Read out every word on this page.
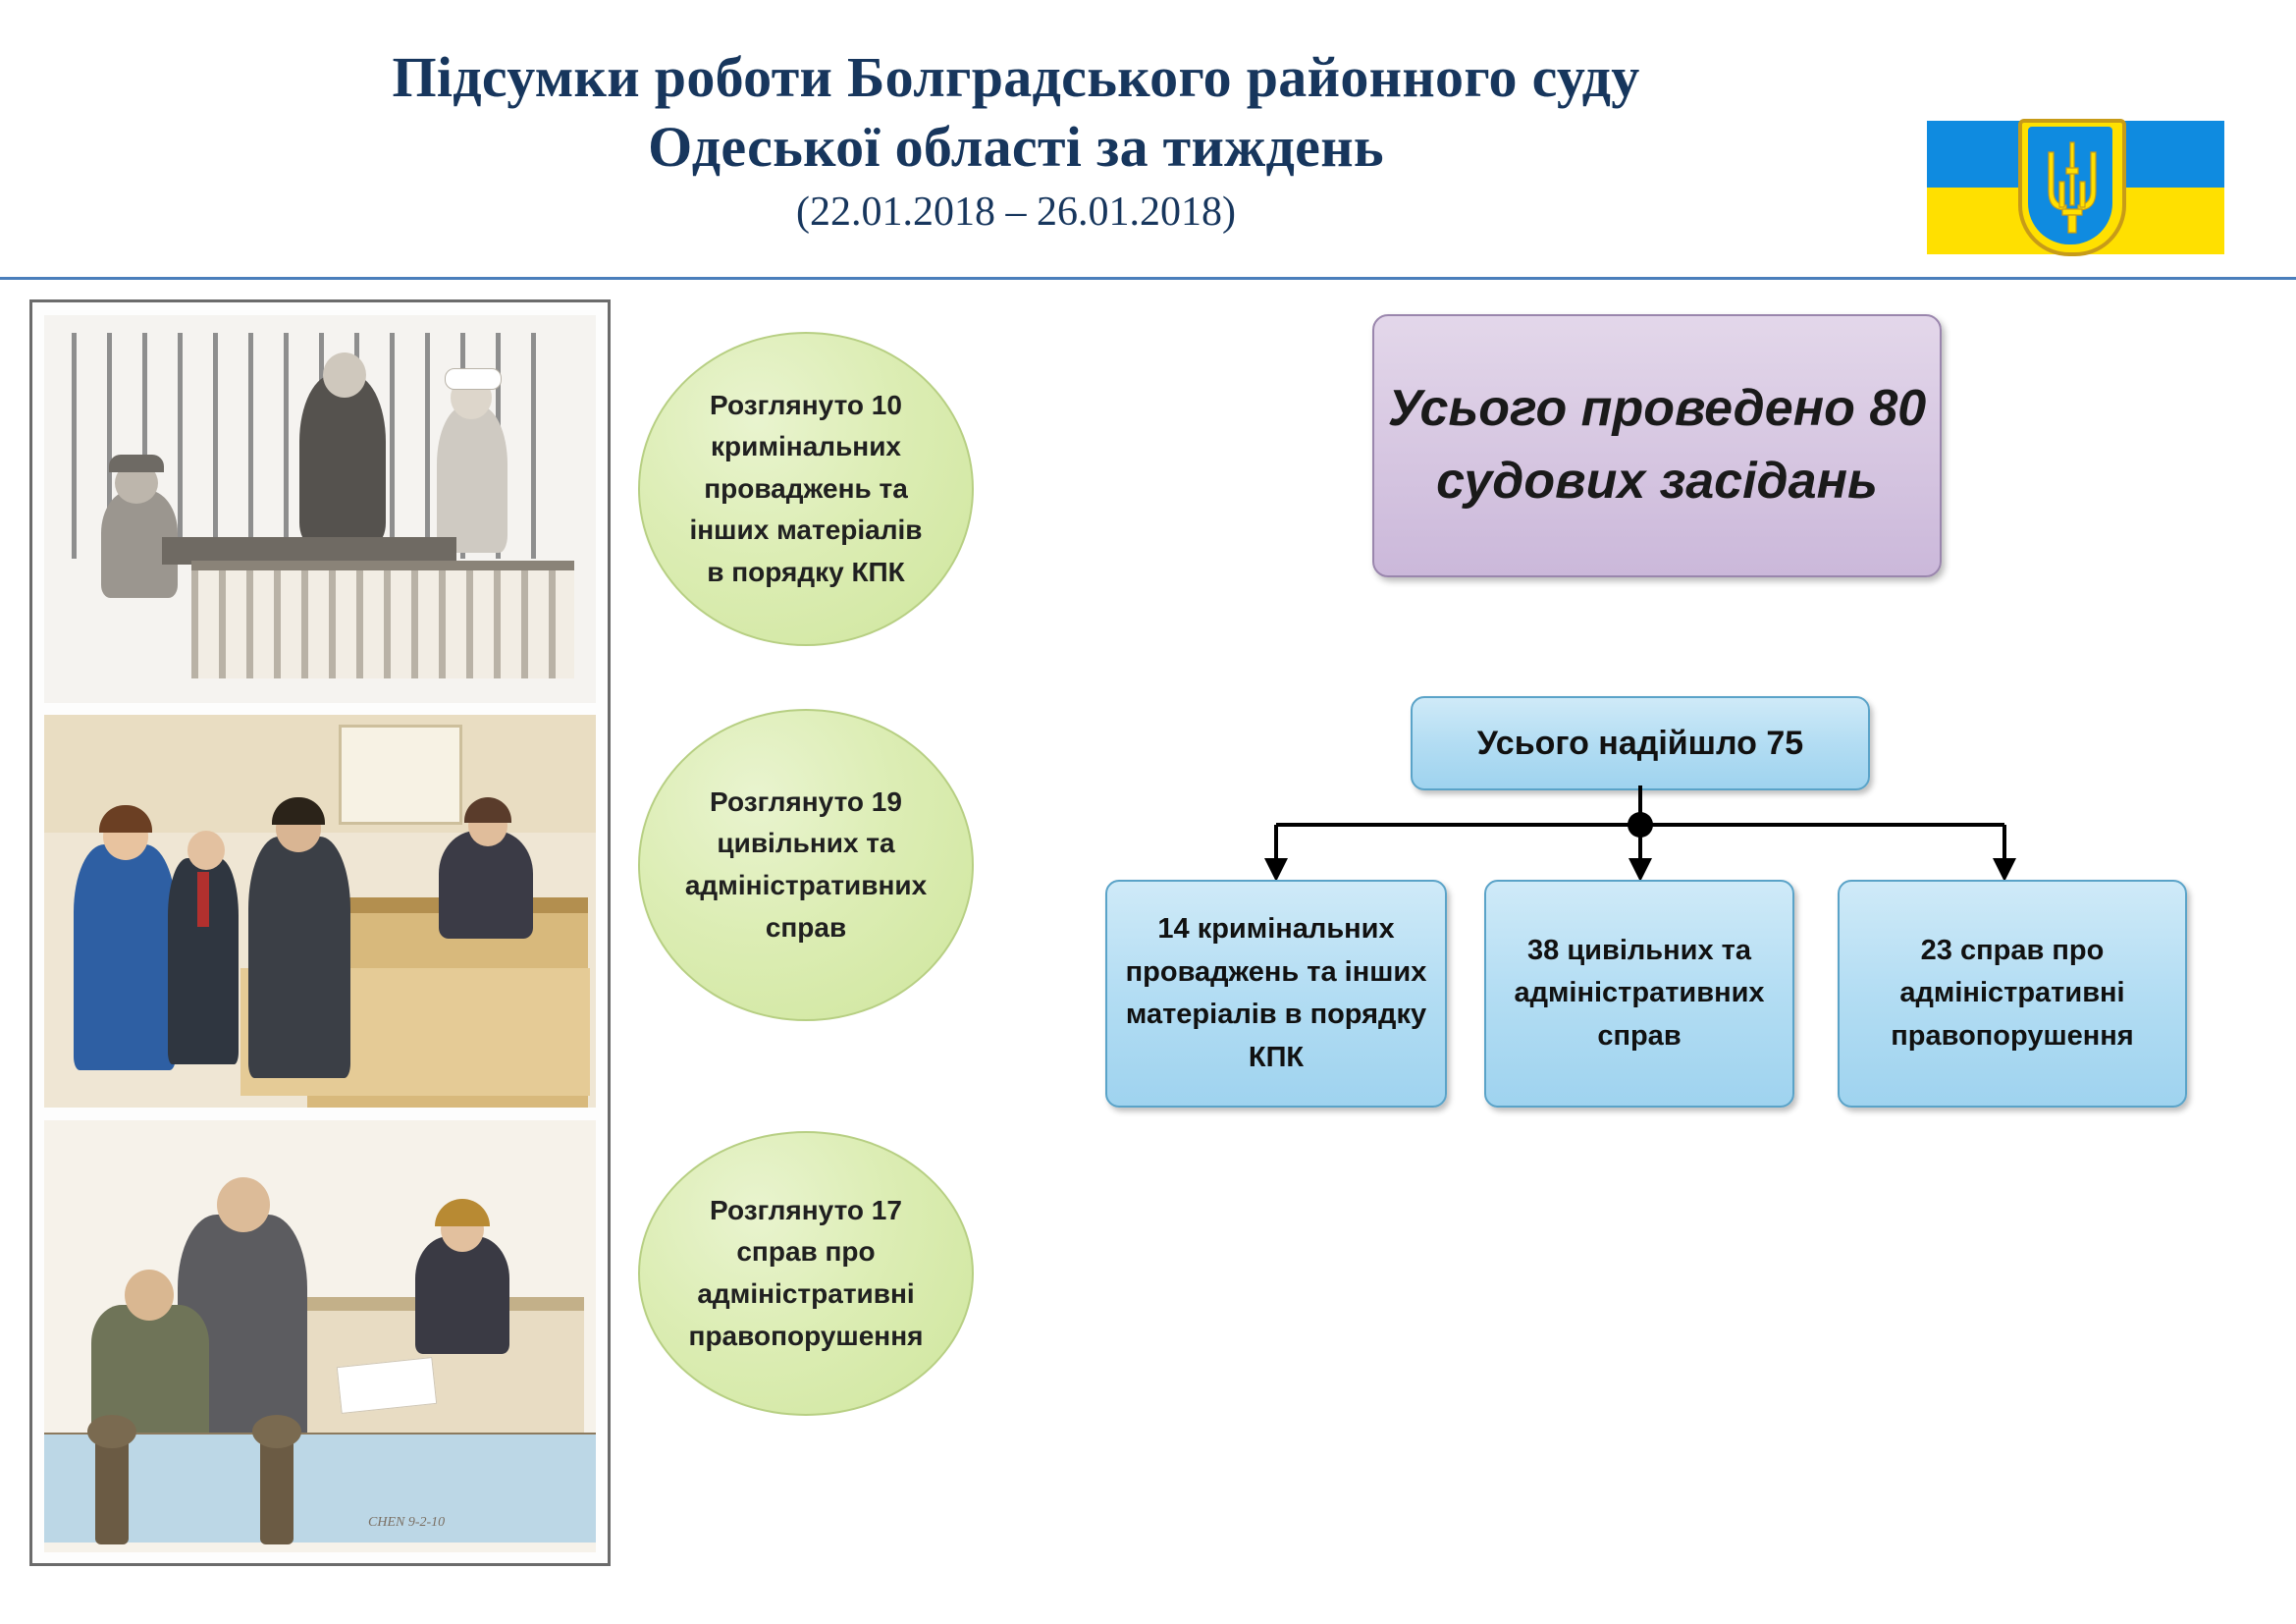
Підсумки роботи Болградського районного суду
Одеської області за тиждень
(22.01.2018 – 26.01.2018)
CHEN 9-2-10
Розглянуто 10 кримінальних проваджень та інших матеріалів в порядку КПК
Розглянуто 19 цивільних та адміністративних справ
Розглянуто 17 справ про адміністративні правопорушення
Усього проведено 80 судових засідань
Усього надійшло 75
14 кримінальних проваджень та інших матеріалів в порядку КПК
38 цивільних та адміністративних справ
23 справ про адміністративні правопорушення
